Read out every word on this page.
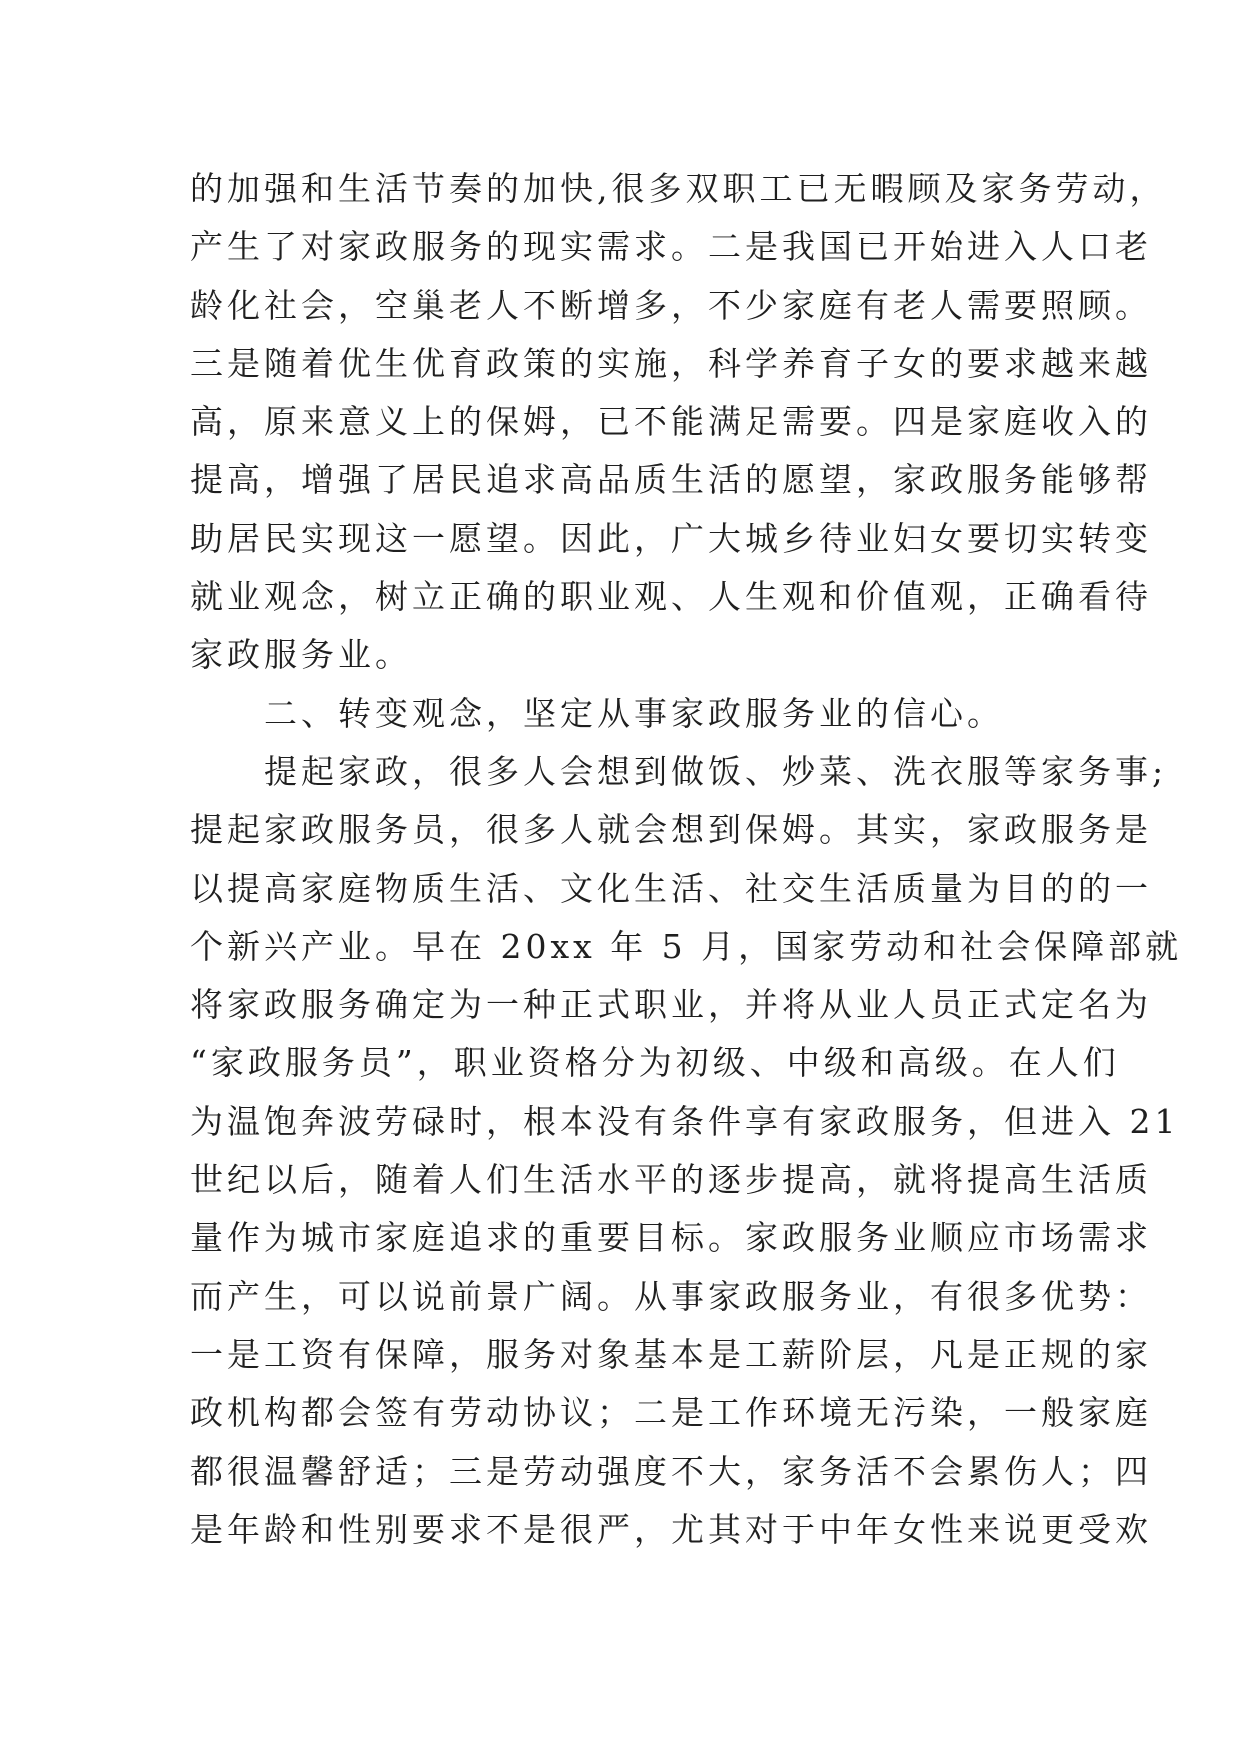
的加强和生活节奏的加快,很多双职工已无暇顾及家务劳动，
产生了对家政服务的现实需求。二是我国已开始进入人口老
龄化社会，空巢老人不断增多，不少家庭有老人需要照顾。
三是随着优生优育政策的实施，科学养育子女的要求越来越
高，原来意义上的保姆，已不能满足需要。四是家庭收入的
提高，增强了居民追求高品质生活的愿望，家政服务能够帮
助居民实现这一愿望。因此，广大城乡待业妇女要切实转变
就业观念，树立正确的职业观、人生观和价值观，正确看待
家政服务业。
　　二、转变观念，坚定从事家政服务业的信心。
　　提起家政，很多人会想到做饭、炒菜、洗衣服等家务事;
提起家政服务员，很多人就会想到保姆。其实，家政服务是
以提高家庭物质生活、文化生活、社交生活质量为目的的一
个新兴产业。早在 20xx 年 5 月，国家劳动和社会保障部就
将家政服务确定为一种正式职业，并将从业人员正式定名为
“家政服务员”，职业资格分为初级、中级和高级。在人们
为温饱奔波劳碌时，根本没有条件享有家政服务，但进入 21
世纪以后，随着人们生活水平的逐步提高，就将提高生活质
量作为城市家庭追求的重要目标。家政服务业顺应市场需求
而产生，可以说前景广阔。从事家政服务业，有很多优势：
一是工资有保障，服务对象基本是工薪阶层，凡是正规的家
政机构都会签有劳动协议；二是工作环境无污染，一般家庭
都很温馨舒适；三是劳动强度不大，家务活不会累伤人；四
是年龄和性别要求不是很严，尤其对于中年女性来说更受欢
